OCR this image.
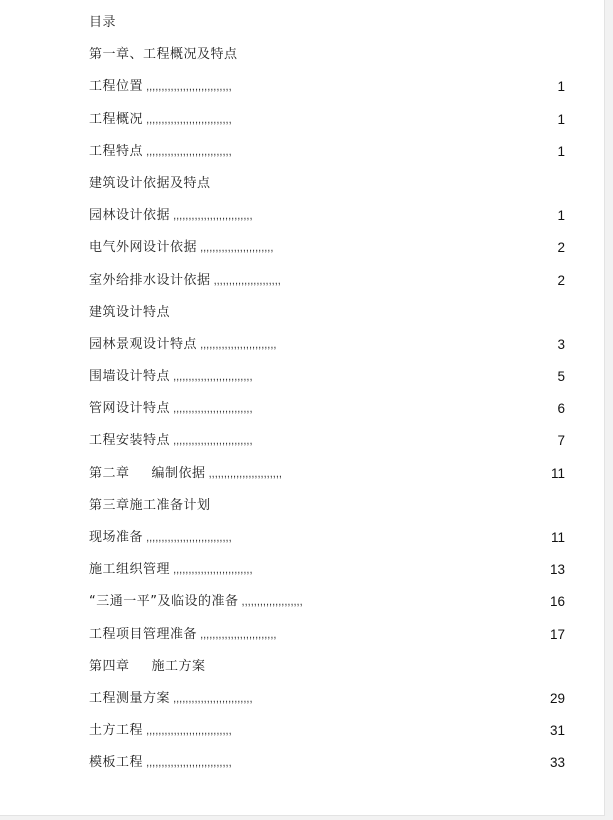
目录
第一章、工程概况及特点
工程位置 ,,,,,,,,,,,,,,,,,,,,,,,,,,,,	1
工程概况 ,,,,,,,,,,,,,,,,,,,,,,,,,,,,	1
工程特点 ,,,,,,,,,,,,,,,,,,,,,,,,,,,,	1
建筑设计依据及特点
园林设计依据 ,,,,,,,,,,,,,,,,,,,,,,,,,,	1
电气外网设计依据 ,,,,,,,,,,,,,,,,,,,,,,,,	2
室外给排水设计依据 ,,,,,,,,,,,,,,,,,,,,,,	2
建筑设计特点
园林景观设计特点 ,,,,,,,,,,,,,,,,,,,,,,,,,	3
围墙设计特点 ,,,,,,,,,,,,,,,,,,,,,,,,,,	5
管网设计特点 ,,,,,,,,,,,,,,,,,,,,,,,,,,	6
工程安装特点 ,,,,,,,,,,,,,,,,,,,,,,,,,,	7
第二章 编制依据 ,,,,,,,,,,,,,,,,,,,,,,,,	11
第三章施工准备计划
现场准备 ,,,,,,,,,,,,,,,,,,,,,,,,,,,,	11
施工组织管理 ,,,,,,,,,,,,,,,,,,,,,,,,,,	13
“三通一平”及临设的准备 ,,,,,,,,,,,,,,,,,,,,	16
工程项目管理准备 ,,,,,,,,,,,,,,,,,,,,,,,,,	17
第四章 施工方案
工程测量方案 ,,,,,,,,,,,,,,,,,,,,,,,,,,	29
土方工程 ,,,,,,,,,,,,,,,,,,,,,,,,,,,,	31
模板工程 ,,,,,,,,,,,,,,,,,,,,,,,,,,,,	33
